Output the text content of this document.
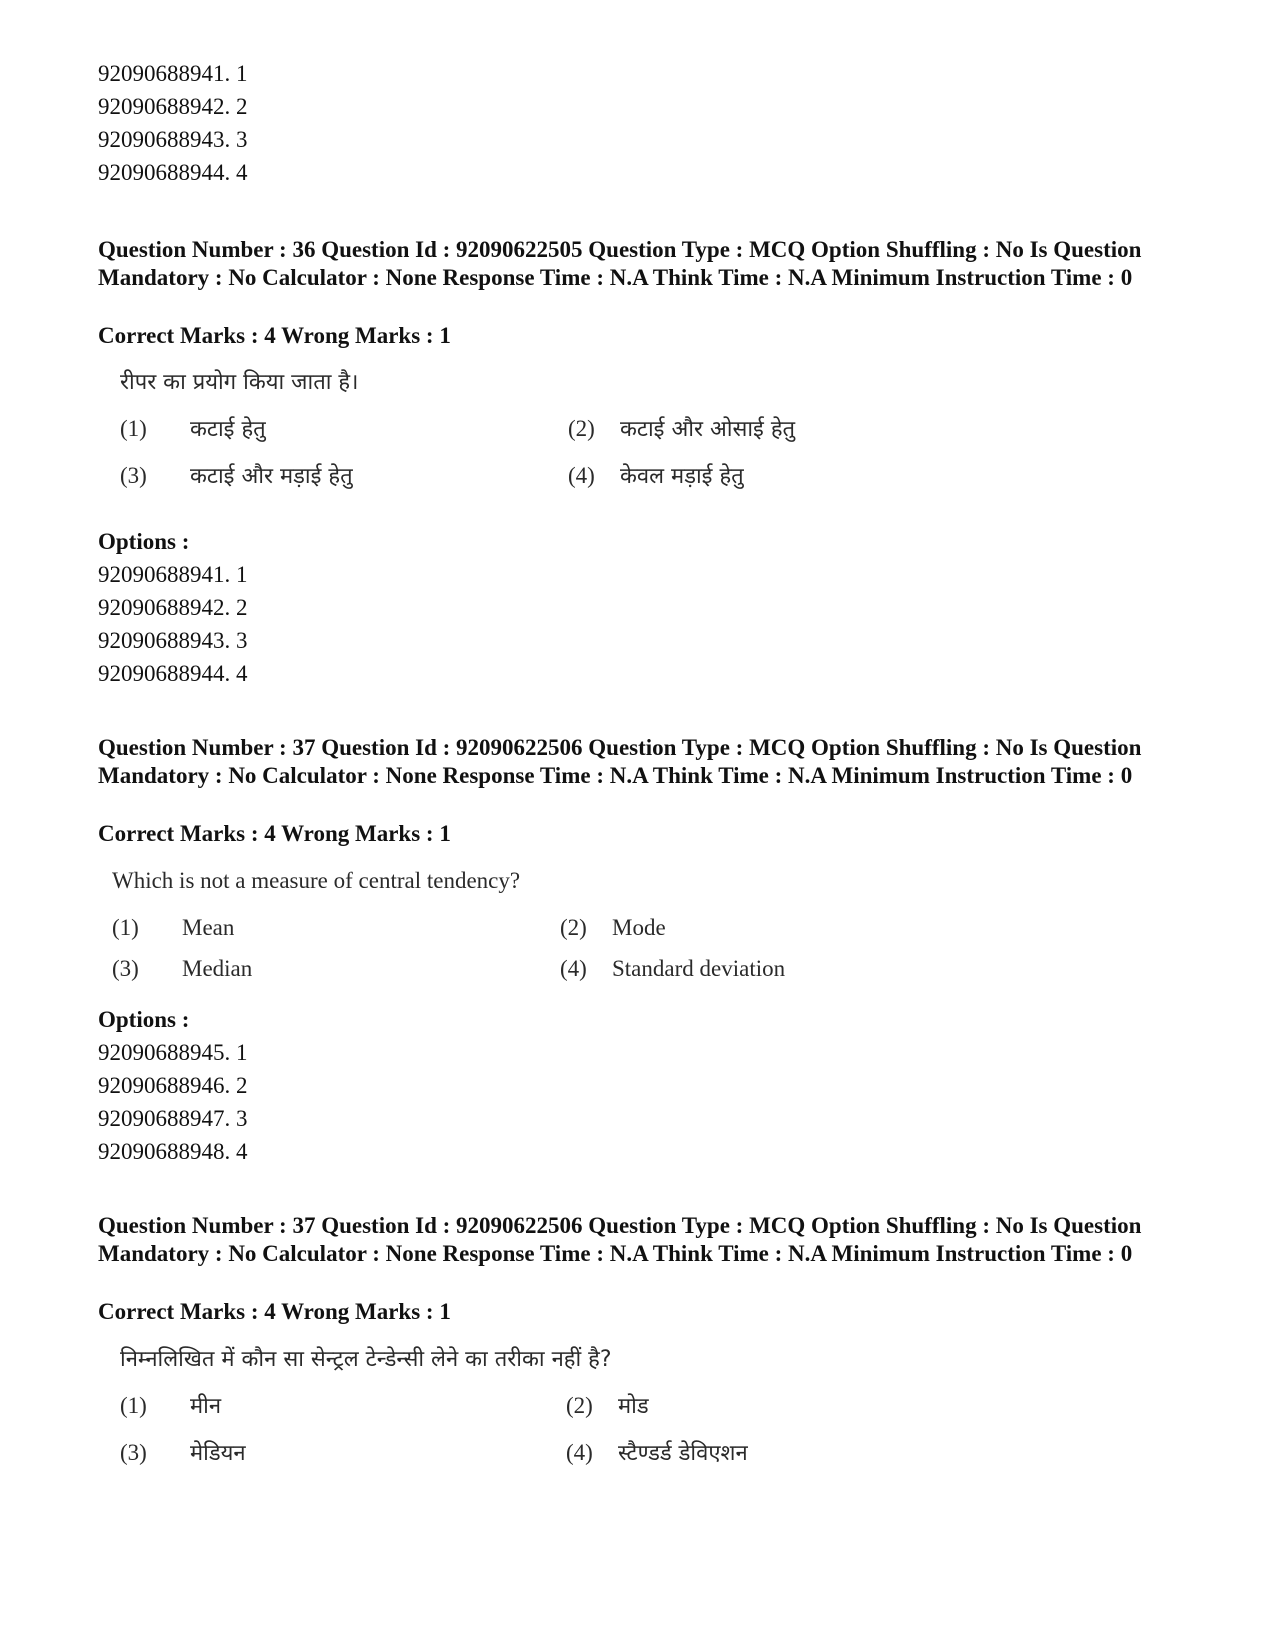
92090688941. 1
92090688942. 2
92090688943. 3
92090688944. 4
Question Number : 36 Question Id : 92090622505 Question Type : MCQ Option Shuffling : No Is Question Mandatory : No Calculator : None Response Time : N.A Think Time : N.A Minimum Instruction Time : 0
Correct Marks : 4 Wrong Marks : 1
रीपर का प्रयोग किया जाता है।
(1) कटाई हेतु	(2) कटाई और ओसाई हेतु
(3) कटाई और मड़ाई हेतु	(4) केवल मड़ाई हेतु
Options :
92090688941. 1
92090688942. 2
92090688943. 3
92090688944. 4
Question Number : 37 Question Id : 92090622506 Question Type : MCQ Option Shuffling : No Is Question Mandatory : No Calculator : None Response Time : N.A Think Time : N.A Minimum Instruction Time : 0
Correct Marks : 4 Wrong Marks : 1
Which is not a measure of central tendency?
(1) Mean	(2) Mode
(3) Median	(4) Standard deviation
Options :
92090688945. 1
92090688946. 2
92090688947. 3
92090688948. 4
Question Number : 37 Question Id : 92090622506 Question Type : MCQ Option Shuffling : No Is Question Mandatory : No Calculator : None Response Time : N.A Think Time : N.A Minimum Instruction Time : 0
Correct Marks : 4 Wrong Marks : 1
निम्नलिखित में कौन सा सेन्ट्रल टेन्डेन्सी लेने का तरीका नहीं है?
(1) मीन	(2) मोड
(3) मेडियन	(4) स्टैण्डर्ड डेविएशन
